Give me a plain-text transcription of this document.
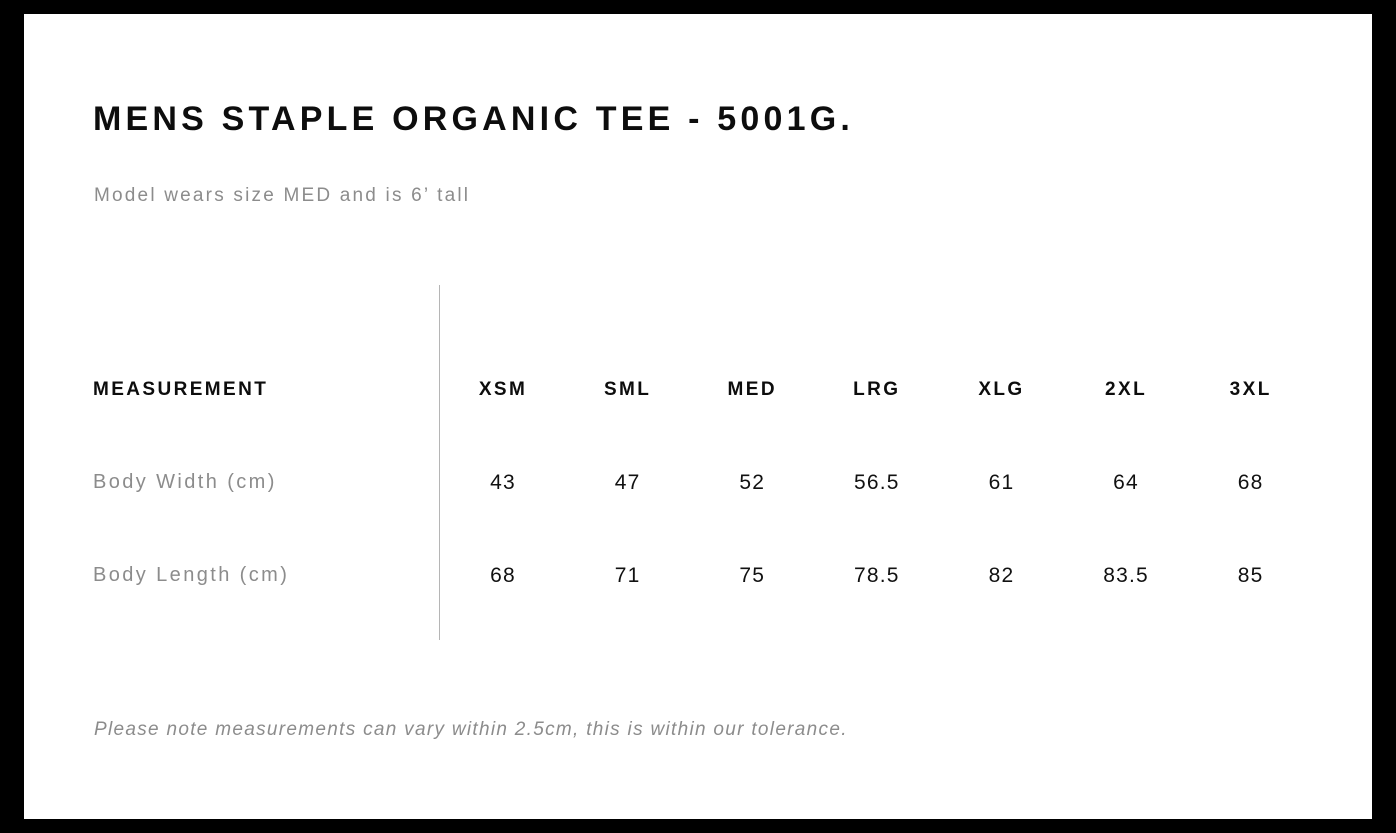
MENS STAPLE ORGANIC TEE - 5001G.
Model wears size MED and is 6’ tall
MEASUREMENT	XSM	SML	MED	LRG	XLG	2XL	3XL
Body Width (cm)	43	47	52	56.5	61	64	68
Body Length (cm)	68	71	75	78.5	82	83.5	85
Please note measurements can vary within 2.5cm, this is within our tolerance.
